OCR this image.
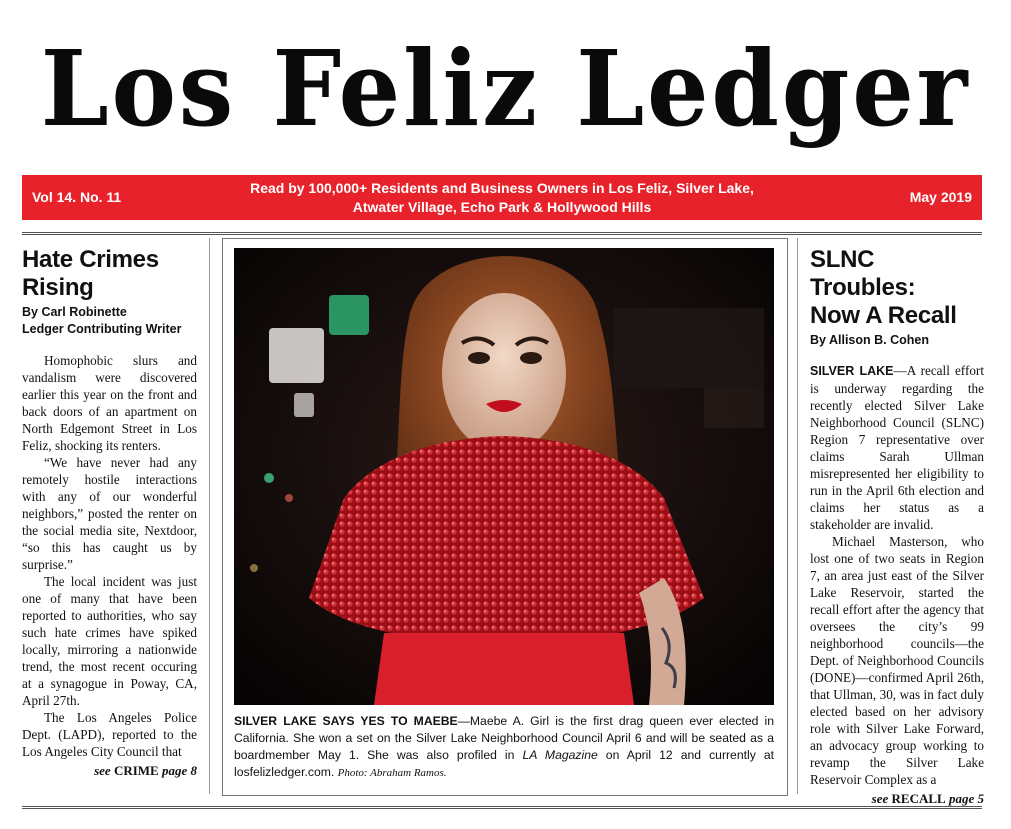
Los Feliz Ledger
Vol 14. No. 11
Read by 100,000+ Residents and Business Owners in Los Feliz, Silver Lake,
Atwater Village, Echo Park & Hollywood Hills
May 2019
Hate Crimes
Rising
By Carl Robinette
Ledger Contributing Writer

Homophobic slurs and vandalism were discovered earlier this year on the front and back doors of an apartment on North Edgemont Street in Los Feliz, shocking its renters.

“We have never had any remotely hostile interactions with any of our wonderful neighbors,” posted the renter on the social media site, Nextdoor, “so this has caught us by surprise.”

The local incident was just one of many that have been reported to authorities, who say such hate crimes have spiked locally, mirroring a nationwide trend, the most recent occuring at a synagogue in Poway, CA, April 27th.

The Los Angeles Police Dept. (LAPD), reported to the Los Angeles City Council that

see CRIME page 8
SILVER LAKE SAYS YES TO MAEBE—Maebe A. Girl is the first drag queen ever elected in California. She won a set on the Silver Lake Neighborhood Council April 6 and will be seated as a boardmember May 1. She was also profiled in LA Magazine on April 12 and currently at losfelizledger.com. Photo: Abraham Ramos.
SLNC Troubles:
Now A Recall
By Allison B. Cohen

SILVER LAKE—A recall effort is underway regarding the recently elected Silver Lake Neighborhood Council (SLNC) Region 7 representative over claims Sarah Ullman misrepresented her eligibility to run in the April 6th election and claims her status as a stakeholder are invalid.

Michael Masterson, who lost one of two seats in Region 7, an area just east of the Silver Lake Reservoir, started the recall effort after the agency that oversees the city’s 99 neighborhood councils—the Dept. of Neighborhood Councils (DONE)—confirmed April 26th, that Ullman, 30, was in fact duly elected based on her advisory role with Silver Lake Forward, an advocacy group working to revamp the Silver Lake Reservoir Complex as a

see RECALL page 5
